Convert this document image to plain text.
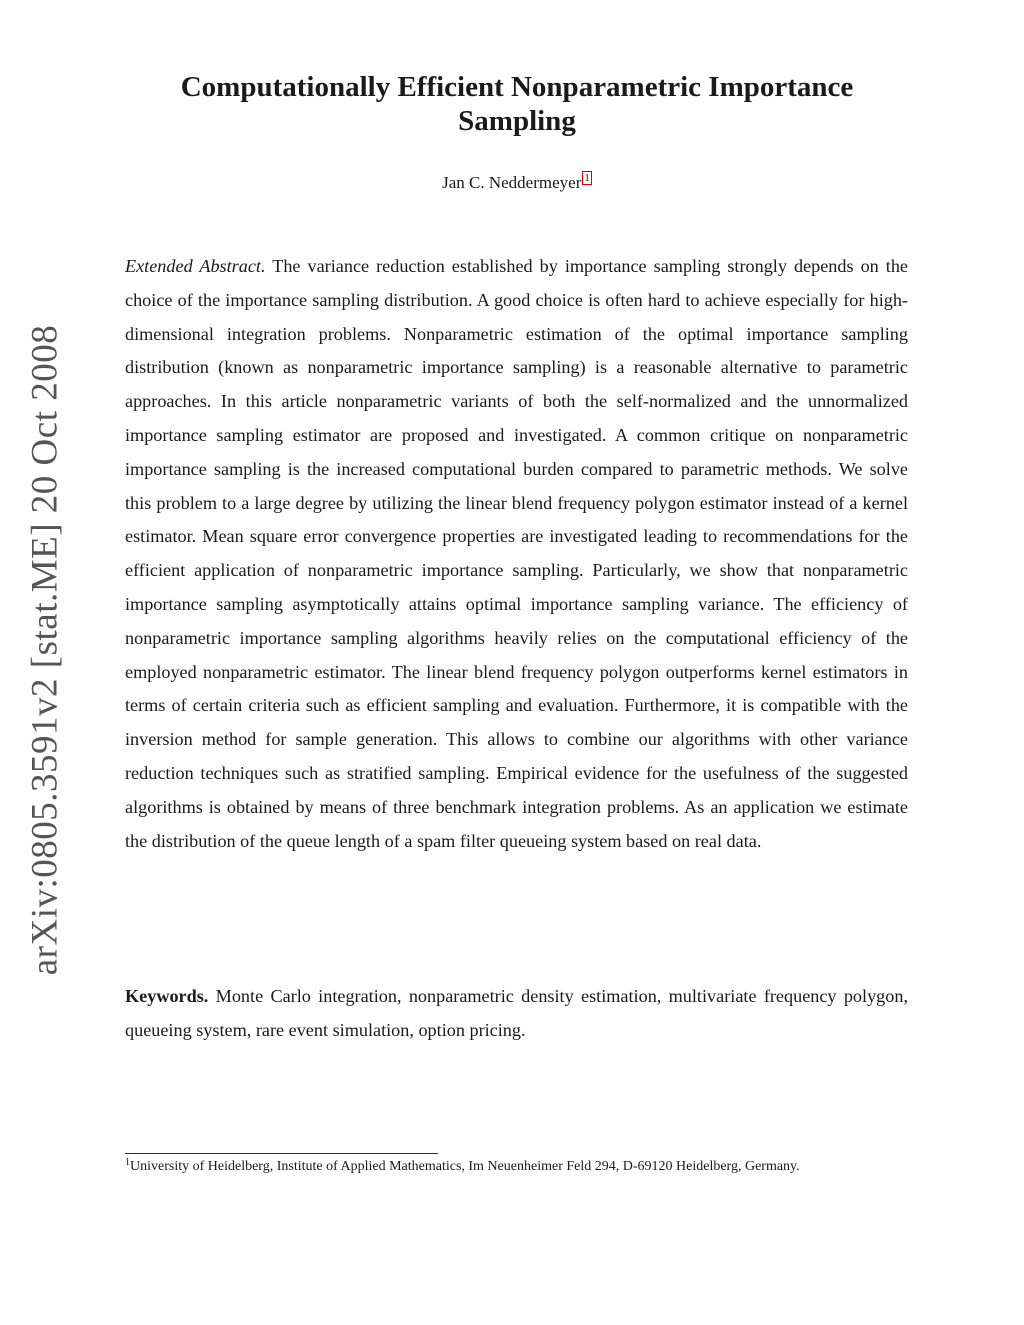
arXiv:0805.3591v2 [stat.ME] 20 Oct 2008
Computationally Efficient Nonparametric Importance Sampling
Jan C. Neddermeyer 1

Extended Abstract. The variance reduction established by importance sampling strongly depends on the choice of the importance sampling distribution. A good choice is often hard to achieve especially for high-dimensional integration problems. Nonparametric estimation of the optimal importance sampling distribution (known as nonparametric importance sampling) is a reasonable alternative to parametric approaches. In this article nonparametric variants of both the self-normalized and the unnormalized importance sampling estimator are proposed and investigated. A common critique on nonparametric importance sampling is the increased computational burden compared to parametric methods. We solve this problem to a large degree by utilizing the linear blend frequency polygon estimator instead of a kernel estimator. Mean square error convergence properties are investigated leading to recommendations for the efficient application of nonparametric importance sampling. Particularly, we show that nonparametric importance sampling asymptotically attains optimal importance sampling variance. The efficiency of nonparametric importance sampling algorithms heavily relies on the computational efficiency of the employed nonparametric estimator. The linear blend frequency polygon outperforms kernel estimators in terms of certain criteria such as efficient sampling and evaluation. Furthermore, it is compatible with the inversion method for sample generation. This allows to combine our algorithms with other variance reduction techniques such as stratified sampling. Empirical evidence for the usefulness of the suggested algorithms is obtained by means of three benchmark integration problems. As an application we estimate the distribution of the queue length of a spam filter queueing system based on real data.

Keywords. Monte Carlo integration, nonparametric density estimation, multivariate frequency polygon, queueing system, rare event simulation, option pricing.

$^1$University of Heidelberg, Institute of Applied Mathematics, Im Neuenheimer Feld 294, D-69120 Heidelberg, Germany.
